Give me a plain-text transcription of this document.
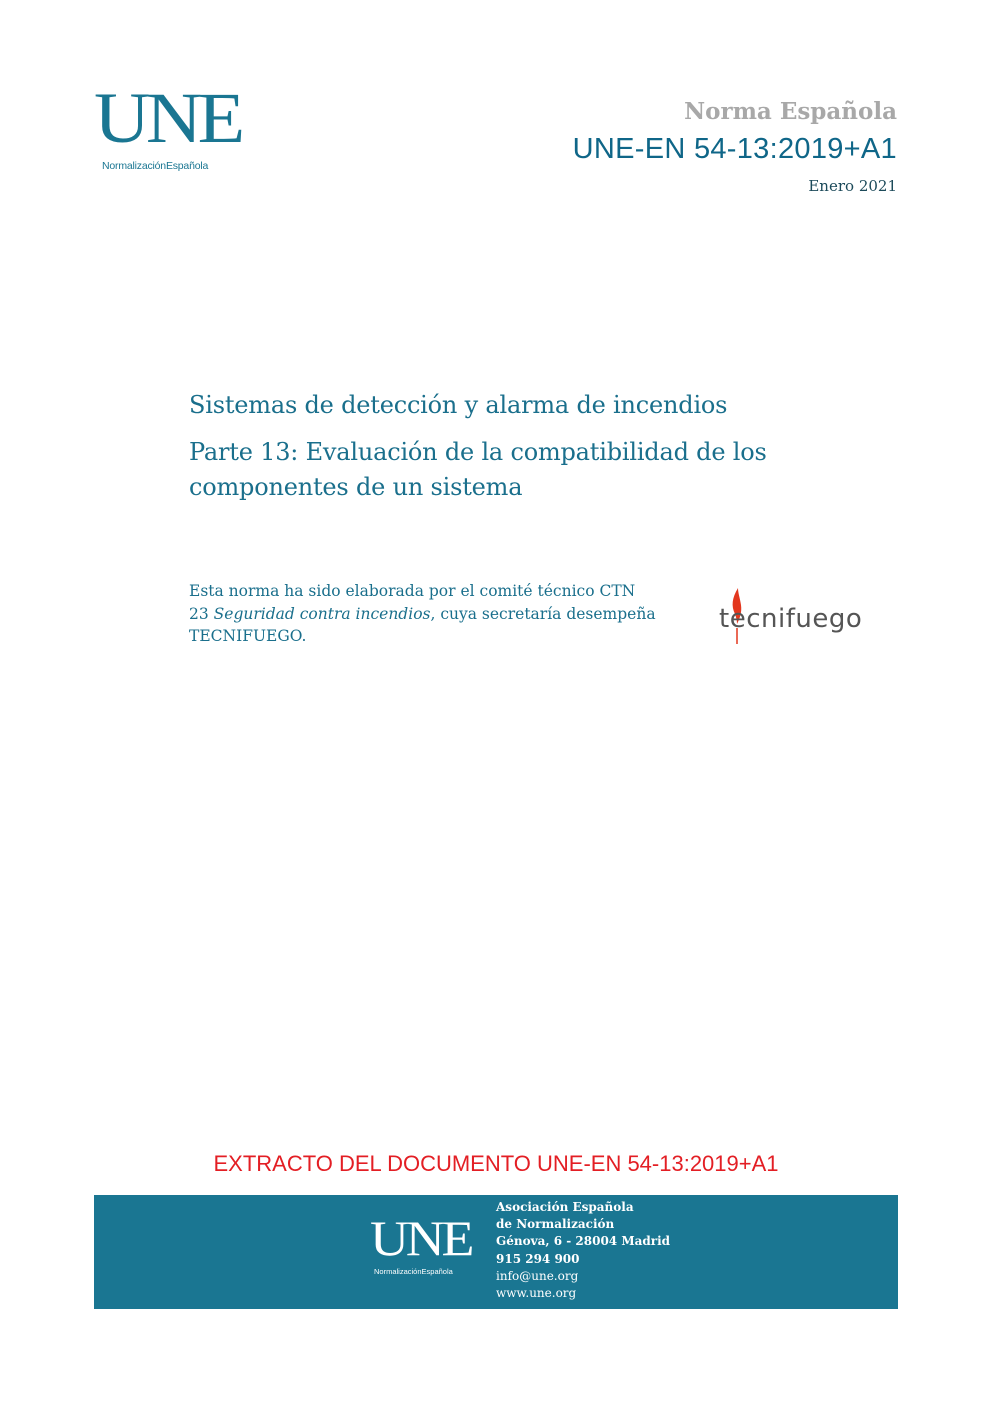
UNE
NormalizaciónEspañola
Norma Española
UNE-EN 54-13:2019+A1
Enero 2021
Sistemas de detección y alarma de incendios
Parte 13: Evaluación de la compatibilidad de los componentes de un sistema
Esta norma ha sido elaborada por el comité técnico CTN 23 Seguridad contra incendios, cuya secretaría desempeña TECNIFUEGO.
tecnifuego
EXTRACTO DEL DOCUMENTO UNE-EN 54-13:2019+A1
UNE
NormalizaciónEspañola
Asociación Española
de Normalización
Génova, 6 - 28004 Madrid
915 294 900
info@une.org
www.une.org
